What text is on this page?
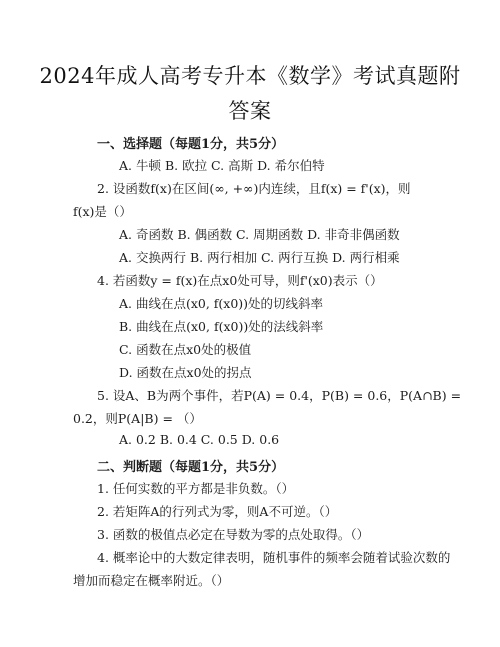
2024年成人高考专升本《数学》考试真题附
答案
一、选择题（每题1分，共5分）
A. 牛顿 B. 欧拉 C. 高斯 D. 希尔伯特
2. 设函数f(x)在区间(∞, +∞)内连续，且f(x) = f'(x)，则
f(x)是（）
A. 奇函数 B. 偶函数 C. 周期函数 D. 非奇非偶函数
A. 交换两行 B. 两行相加 C. 两行互换 D. 两行相乘
4. 若函数y = f(x)在点x0处可导，则f'(x0)表示（）
A. 曲线在点(x0, f(x0))处的切线斜率
B. 曲线在点(x0, f(x0))处的法线斜率
C. 函数在点x0处的极值
D. 函数在点x0处的拐点
5. 设A、B为两个事件，若P(A) = 0.4，P(B) = 0.6，P(A∩B) =
0.2，则P(A|B) = （）
A. 0.2 B. 0.4 C. 0.5 D. 0.6
二、判断题（每题1分，共5分）
1. 任何实数的平方都是非负数。（）
2. 若矩阵A的行列式为零，则A不可逆。（）
3. 函数的极值点必定在导数为零的点处取得。（）
4. 概率论中的大数定律表明，随机事件的频率会随着试验次数的
增加而稳定在概率附近。（）
